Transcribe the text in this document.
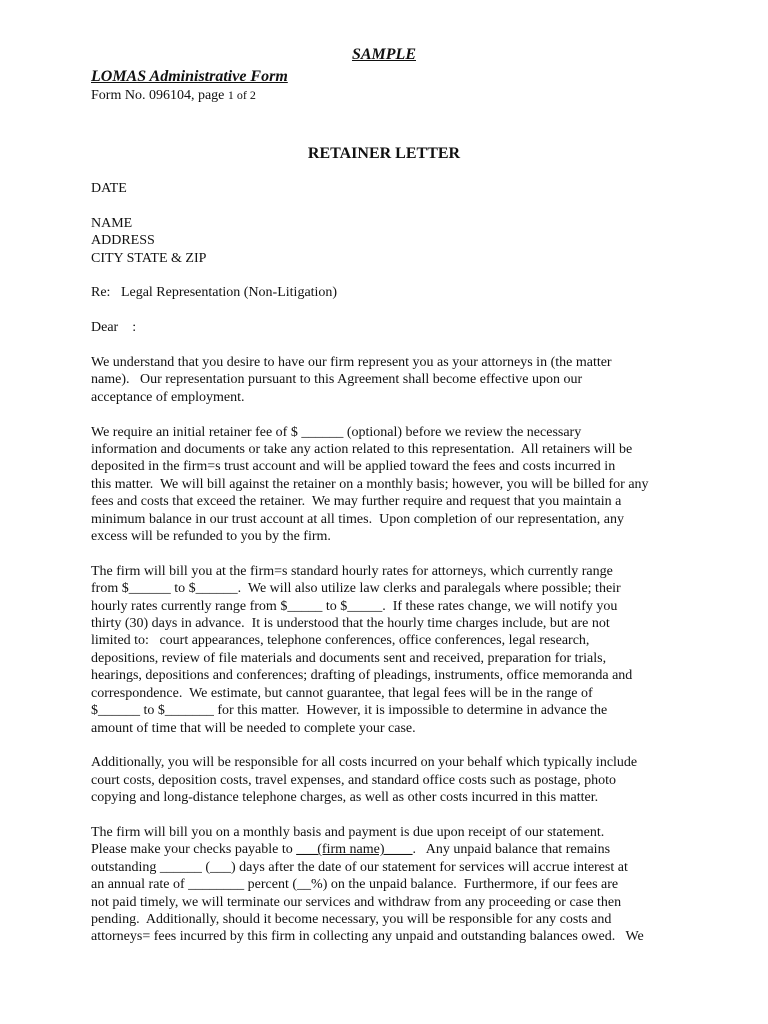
SAMPLE
LOMAS Administrative Form
Form No. 096104, page 1 of 2
RETAINER LETTER
DATE
NAME
ADDRESS
CITY STATE & ZIP
Re:   Legal Representation (Non-Litigation)
Dear    :
We understand that you desire to have our firm represent you as your attorneys in (the matter
name).   Our representation pursuant to this Agreement shall become effective upon our
acceptance of employment.
We require an initial retainer fee of $ ______ (optional) before we review the necessary
information and documents or take any action related to this representation.  All retainers will be
deposited in the firm=s trust account and will be applied toward the fees and costs incurred in
this matter.  We will bill against the retainer on a monthly basis; however, you will be billed for any
fees and costs that exceed the retainer.  We may further require and request that you maintain a
minimum balance in our trust account at all times.  Upon completion of our representation, any
excess will be refunded to you by the firm.
The firm will bill you at the firm=s standard hourly rates for attorneys, which currently range
from $______ to $______.  We will also utilize law clerks and paralegals where possible; their
hourly rates currently range from $_____ to $_____.  If these rates change, we will notify you
thirty (30) days in advance.  It is understood that the hourly time charges include, but are not
limited to:   court appearances, telephone conferences, office conferences, legal research,
depositions, review of file materials and documents sent and received, preparation for trials,
hearings, depositions and conferences; drafting of pleadings, instruments, office memoranda and
correspondence.  We estimate, but cannot guarantee, that legal fees will be in the range of
$______ to $_______ for this matter.  However, it is impossible to determine in advance the
amount of time that will be needed to complete your case.
Additionally, you will be responsible for all costs incurred on your behalf which typically include
court costs, deposition costs, travel expenses, and standard office costs such as postage, photo
copying and long-distance telephone charges, as well as other costs incurred in this matter.
The firm will bill you on a monthly basis and payment is due upon receipt of our statement.
Please make your checks payable to ___(firm name)____.   Any unpaid balance that remains
outstanding ______ (___) days after the date of our statement for services will accrue interest at
an annual rate of ________ percent (__%) on the unpaid balance.  Furthermore, if our fees are
not paid timely, we will terminate our services and withdraw from any proceeding or case then
pending.  Additionally, should it become necessary, you will be responsible for any costs and
attorneys= fees incurred by this firm in collecting any unpaid and outstanding balances owed.   We
